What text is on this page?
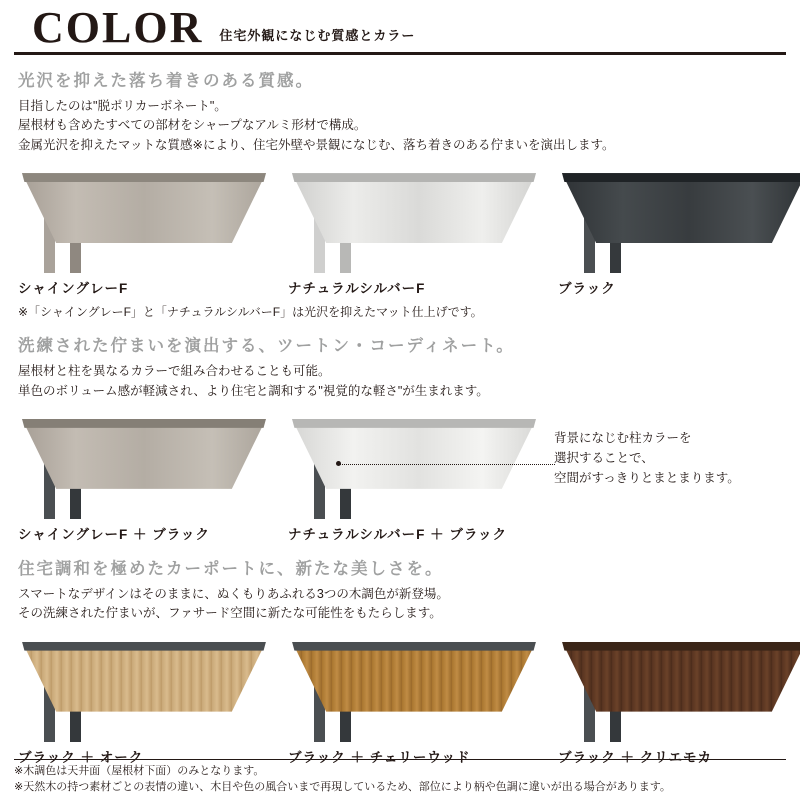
COLOR 住宅外観になじむ質感とカラー
光沢を抑えた落ち着きのある質感。
目指したのは"脱ポリカーボネート"。
屋根材も含めたすべての部材をシャープなアルミ形材で構成。
金属光沢を抑えたマットな質感※により、住宅外壁や景観になじむ、落ち着きのある佇まいを演出します。
シャイングレーF	ナチュラルシルバーF	ブラック
※「シャイングレーF」と「ナチュラルシルバーF」は光沢を抑えたマット仕上げです。
洗練された佇まいを演出する、ツートン・コーディネート。
屋根材と柱を異なるカラーで組み合わせることも可能。
単色のボリューム感が軽減され、より住宅と調和する"視覚的な軽さ"が生まれます。
シャイングレーF ＋ ブラック	ナチュラルシルバーF ＋ ブラック
背景になじむ柱カラーを
選択することで、
空間がすっきりとまとまります。
住宅調和を極めたカーポートに、新たな美しさを。
スマートなデザインはそのままに、ぬくもりあふれる3つの木調色が新登場。
その洗練された佇まいが、ファサード空間に新たな可能性をもたらします。
ブラック ＋ オーク	ブラック ＋ チェリーウッド	ブラック ＋ クリエモカ

※木調色は天井面（屋根材下面）のみとなります。

※天然木の持つ素材ごとの表情の違い、木目や色の風合いまで再現しているため、部位により柄や色調に違いが出る場合があります。
